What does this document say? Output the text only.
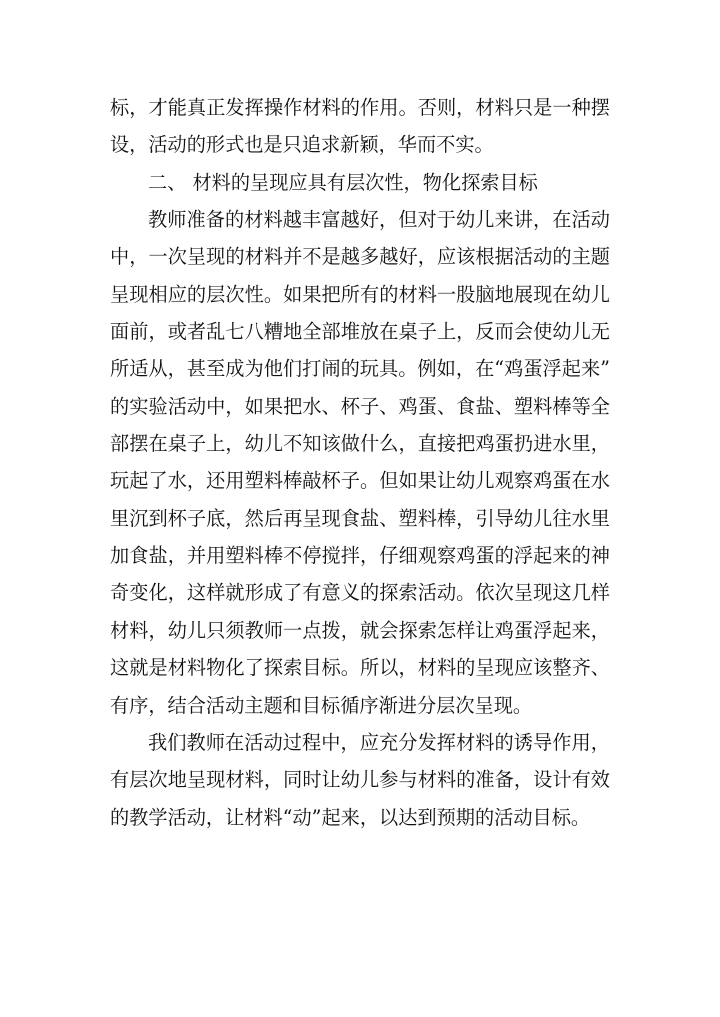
标，才能真正发挥操作材料的作用。否则，材料只是一种摆
设，活动的形式也是只追求新颖，华而不实。
二、 材料的呈现应具有层次性，物化探索目标
教师准备的材料越丰富越好，但对于幼儿来讲，在活动
中，一次呈现的材料并不是越多越好，应该根据活动的主题
呈现相应的层次性。如果把所有的材料一股脑地展现在幼儿
面前，或者乱七八糟地全部堆放在桌子上，反而会使幼儿无
所适从，甚至成为他们打闹的玩具。例如，在“鸡蛋浮起来”
的实验活动中，如果把水、杯子、鸡蛋、食盐、塑料棒等全
部摆在桌子上，幼儿不知该做什么，直接把鸡蛋扔进水里，
玩起了水，还用塑料棒敲杯子。但如果让幼儿观察鸡蛋在水
里沉到杯子底，然后再呈现食盐、塑料棒，引导幼儿往水里
加食盐，并用塑料棒不停搅拌，仔细观察鸡蛋的浮起来的神
奇变化，这样就形成了有意义的探索活动。依次呈现这几样
材料，幼儿只须教师一点拨，就会探索怎样让鸡蛋浮起来，
这就是材料物化了探索目标。所以，材料的呈现应该整齐、
有序，结合活动主题和目标循序渐进分层次呈现。
我们教师在活动过程中，应充分发挥材料的诱导作用，
有层次地呈现材料，同时让幼儿参与材料的准备，设计有效
的教学活动，让材料“动”起来，以达到预期的活动目标。
